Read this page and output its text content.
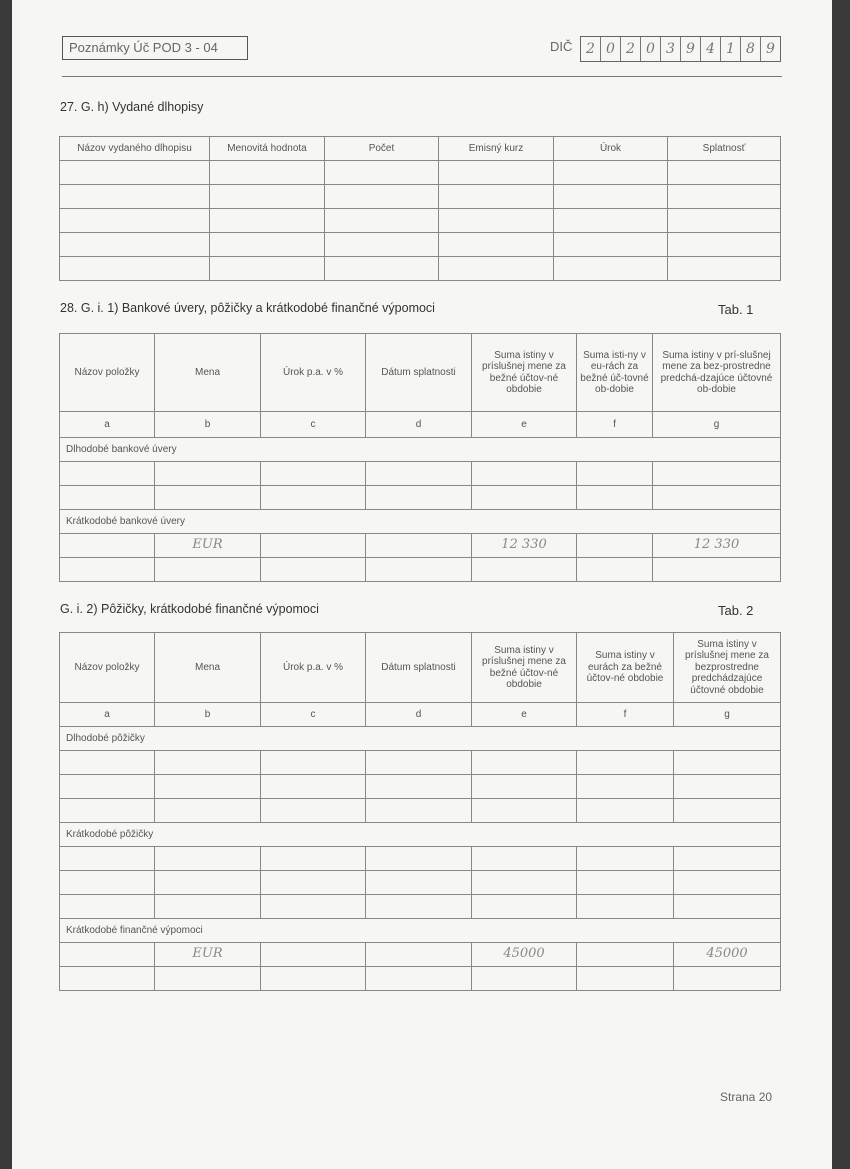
Poznámky Úč POD 3 - 04	DIČ 2 0 2 0 3 9 4 1 8 9
27. G. h) Vydané dlhopisy
Názov vydaného dlhopisu	Menovitá hodnota	Počet	Emisný kurz	Úrok	Splatnosť

28. G. i. 1) Bankové úvery, pôžičky a krátkodobé finančné výpomoci	Tab. 1
Názov položky	Mena	Úrok p.a. v %	Dátum splatnosti	Suma istiny v príslušnej mene za bežné účtov-né obdobie	Suma isti-ny v eu-rách za bežné úč-tovné ob-dobie	Suma istiny v prí-slušnej mene za bez-prostredne predchá-dzajúce účtovné ob-dobie
a	b	c	d	e	f	g
Dlhodobé bankové úvery						

Krátkodobé bankové úvery						
	EUR			12 330		12 330

G. i. 2) Pôžičky, krátkodobé finančné výpomoci	Tab. 2
Názov položky	Mena	Úrok p.a. v %	Dátum splatnosti	Suma istiny v príslušnej mene za bežné účtov-né obdobie	Suma istiny v eurách za bežné účtov-né obdobie	Suma istiny v príslušnej mene za bezprostredne predchádzajúce účtovné obdobie
a	b	c	d	e	f	g
Dlhodobé pôžičky						

Krátkodobé pôžičky						

Krátkodobé finančné výpomoci						
	EUR			45000		45000

Strana 20
